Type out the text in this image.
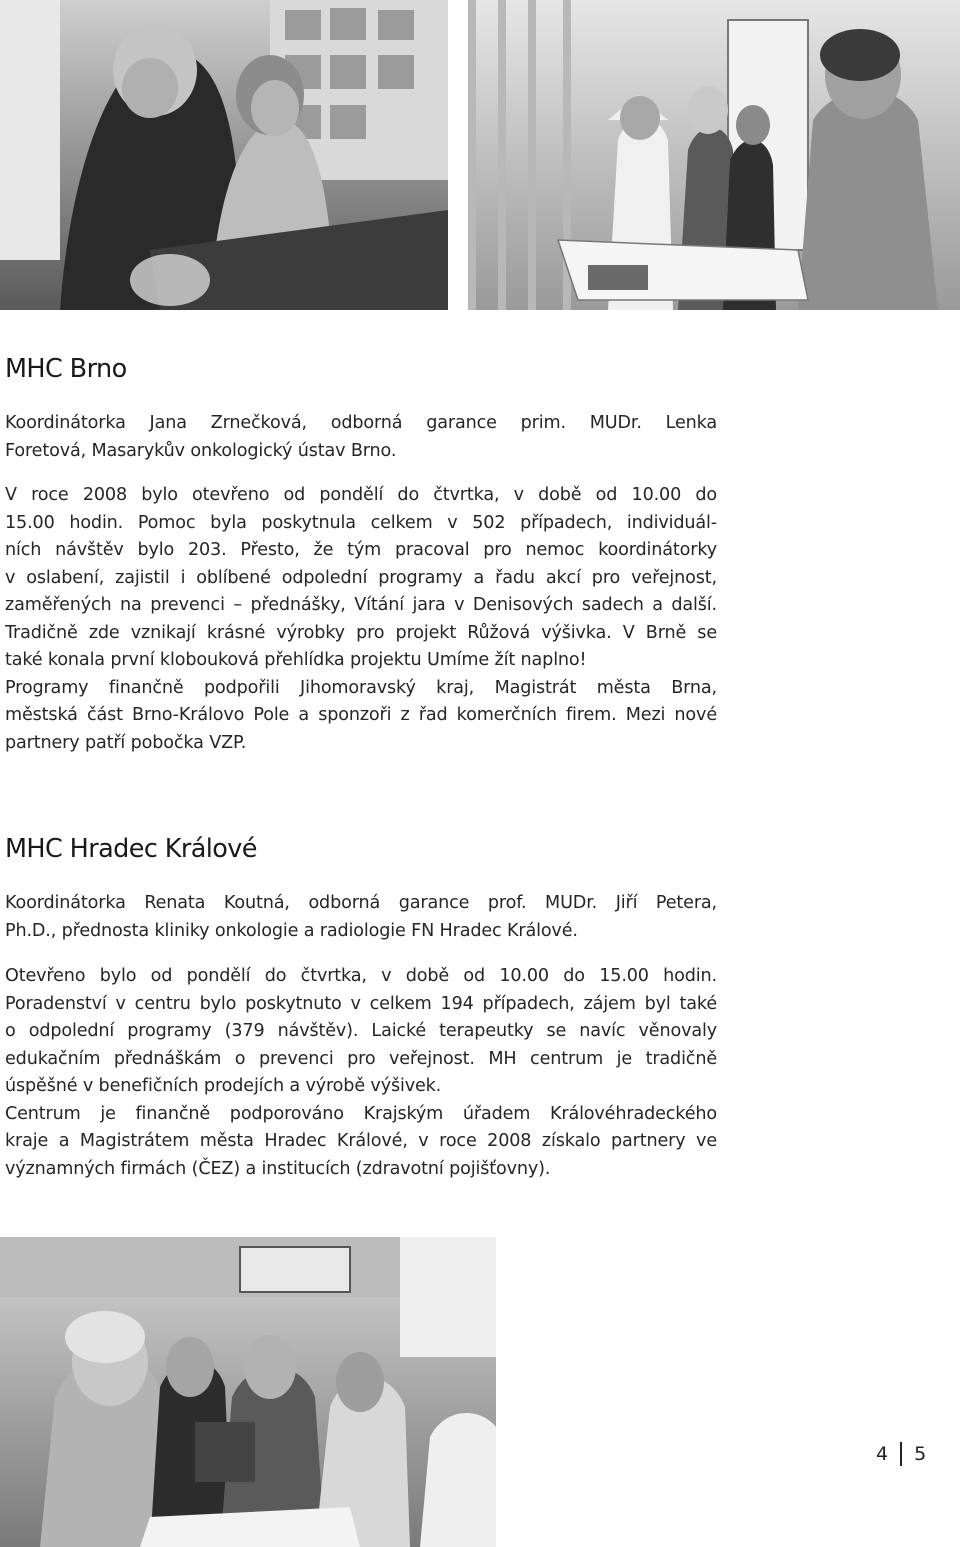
MHC Brno
Koordinátorka Jana Zrnečková, odborná garance prim. MUDr. Lenka
Foretová, Masarykův onkologický ústav Brno.
V roce 2008 bylo otevřeno od pondělí do čtvrtka, v době od 10.00 do
15.00 hodin. Pomoc byla poskytnula celkem v 502 případech, individuál-
ních návštěv bylo 203. Přesto, že tým pracoval pro nemoc koordinátorky
v oslabení, zajistil i oblíbené odpolední programy a řadu akcí pro veřejnost,
zaměřených na prevenci – přednášky, Vítání jara v Denisových sadech a další.
Tradičně zde vznikají krásné výrobky pro projekt Růžová výšivka. V Brně se
také konala první klobouková přehlídka projektu Umíme žít naplno!
Programy finančně podpořili Jihomoravský kraj, Magistrát města Brna,
městská část Brno-Královo Pole a sponzoři z řad komerčních firem. Mezi nové
partnery patří pobočka VZP.
MHC Hradec Králové
Koordinátorka Renata Koutná, odborná garance prof. MUDr. Jiří Petera,
Ph.D., přednosta kliniky onkologie a radiologie FN Hradec Králové.
Otevřeno bylo od pondělí do čtvrtka, v době od 10.00 do 15.00 hodin.
Poradenství v centru bylo poskytnuto v celkem 194 případech, zájem byl také
o odpolední programy (379 návštěv). Laické terapeutky se navíc věnovaly
edukačním přednáškám o prevenci pro veřejnost. MH centrum je tradičně
úspěšné v benefičních prodejích a výrobě výšivek.
Centrum je finančně podporováno Krajským úřadem Královéhradeckého
kraje a Magistrátem města Hradec Králové, v roce 2008 získalo partnery ve
významných firmách (ČEZ) a institucích (zdravotní pojišťovny).
4 5
